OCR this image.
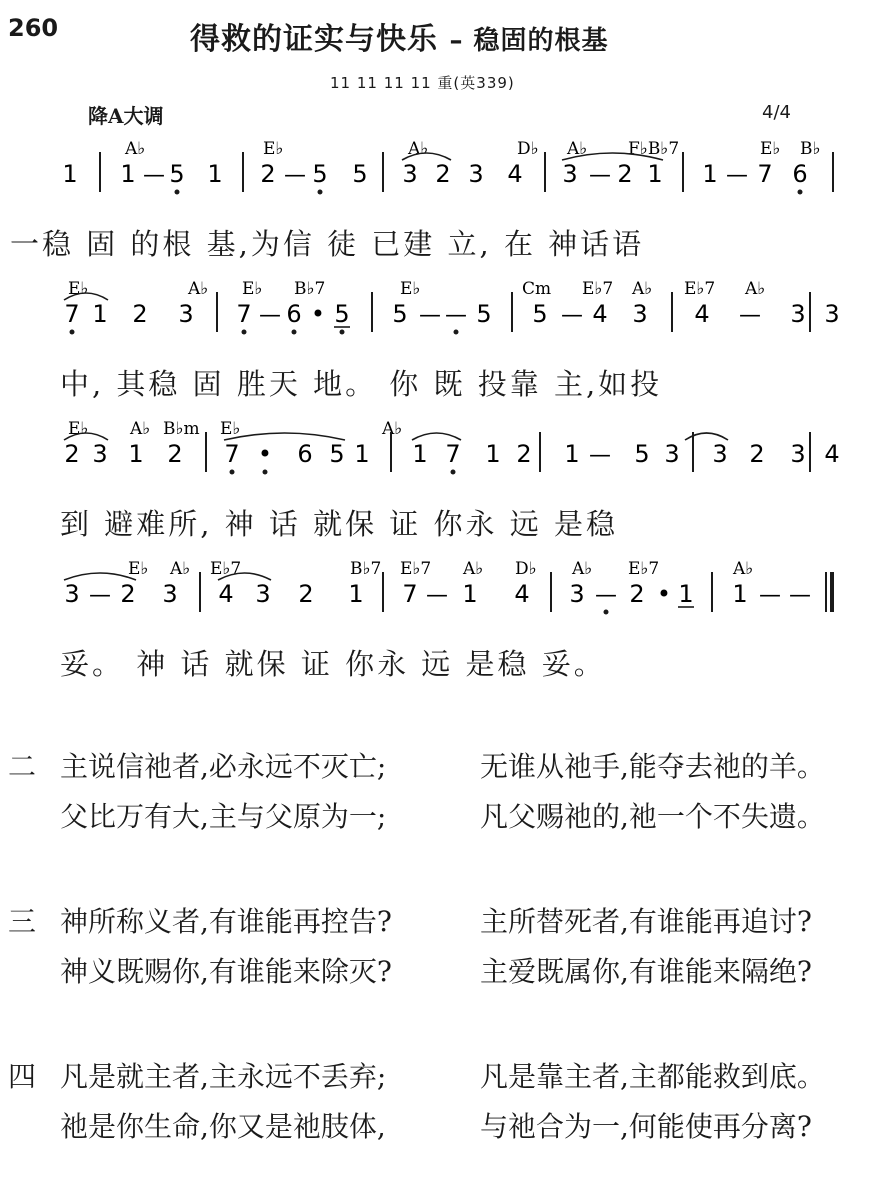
260	得救的证实与快乐 – 稳固的根基
11 11 11 11 重(英339)
降A大调	4/4
A♭	E♭	A♭	D♭ A♭ F♭B♭7	E♭ B♭
1 1 — 5 1 2 — 5 5 3 2 3 4 3 — 2 1 1 — 7 6
E♭	A♭ E♭ B♭7	E♭	Cm E♭7 A♭ E♭7 A♭
7 1 2 3 7 — 6 • 5 5 — — 5 5 — 4 3 4 — 3 3
E♭ A♭ B♭m E♭	A♭
2 3 1 2 7 • 6 5 1 1 7 1 2 1 — 5 3 3 2 3 4
E♭ A♭ E♭7	B♭7 E♭7 A♭ D♭ A♭ E♭7	A♭
3 — 2 3 4 3 2 1 7 — 1 4 3 — 2 • 1 1 — —
一稳 固 的根 基,为信 徒 已建 立, 在 神话语
中, 其稳 固 胜天 地。 你 既 投靠 主,如投
到 避难所, 神 话 就保 证 你永 远 是稳
妥。 神 话 就保 证 你永 远 是稳 妥。
二 主说信祂者,必永远不灭亡;	无谁从祂手,能夺去祂的羊。
父比万有大,主与父原为一;	凡父赐祂的,祂一个不失遗。
三 神所称义者,有谁能再控告?	主所替死者,有谁能再追讨?
神义既赐你,有谁能来除灭?	主爱既属你,有谁能来隔绝?
四 凡是就主者,主永远不丢弃;	凡是靠主者,主都能救到底。
祂是你生命,你又是祂肢体,	与祂合为一,何能使再分离?
